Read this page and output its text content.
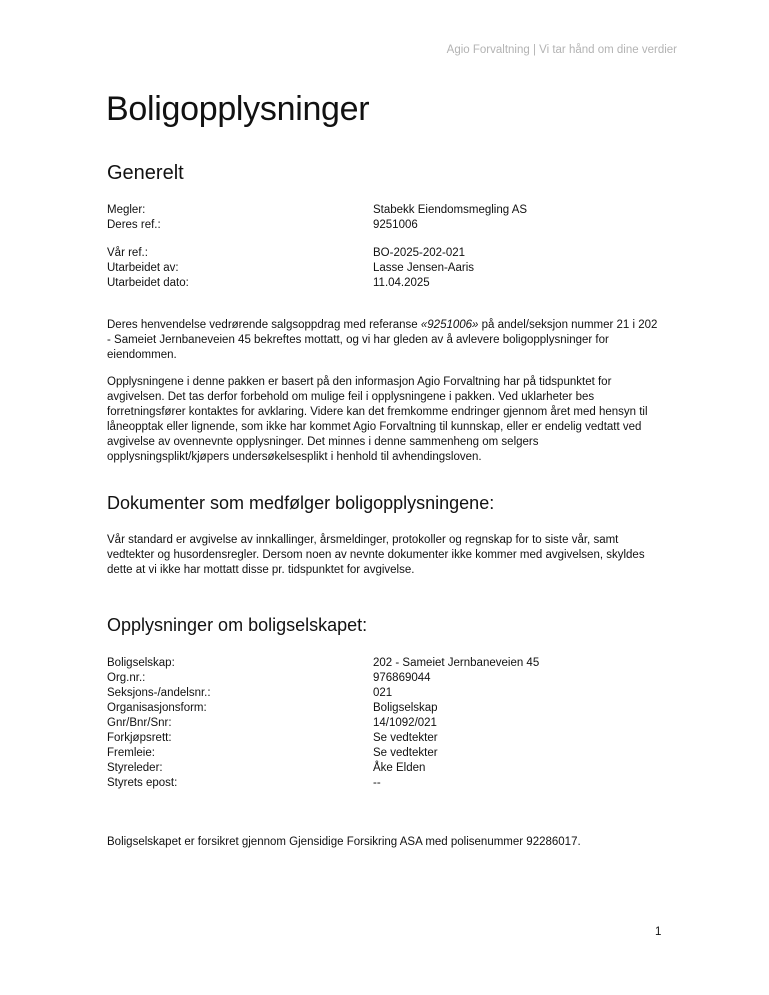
Agio Forvaltning | Vi tar hånd om dine verdier
Boligopplysninger
Generelt
Megler:	Stabekk Eiendomsmegling AS
Deres ref.:	9251006
Vår ref.:	BO-2025-202-021
Utarbeidet av:	Lasse Jensen-Aaris
Utarbeidet dato:	11.04.2025

Deres henvendelse vedrørende salgsoppdrag med referanse «9251006» på andel/seksjon nummer 21 i 202 - Sameiet Jernbaneveien 45 bekreftes mottatt, og vi har gleden av å avlevere boligopplysninger for eiendommen.

Opplysningene i denne pakken er basert på den informasjon Agio Forvaltning har på tidspunktet for avgivelsen. Det tas derfor forbehold om mulige feil i opplysningene i pakken. Ved uklarheter bes forretningsfører kontaktes for avklaring. Videre kan det fremkomme endringer gjennom året med hensyn til låneopptak eller lignende, som ikke har kommet Agio Forvaltning til kunnskap, eller er endelig vedtatt ved avgivelse av ovennevnte opplysninger. Det minnes i denne sammenheng om selgers opplysningsplikt/kjøpers undersøkelsesplikt i henhold til avhendingsloven.

Dokumenter som medfølger boligopplysningene:

Vår standard er avgivelse av innkallinger, årsmeldinger, protokoller og regnskap for to siste vår, samt vedtekter og husordensregler. Dersom noen av nevnte dokumenter ikke kommer med avgivelsen, skyldes dette at vi ikke har mottatt disse pr. tidspunktet for avgivelse.

Opplysninger om boligselskapet:
Boligselskap:	202 - Sameiet Jernbaneveien 45
Org.nr.:	976869044
Seksjons-/andelsnr.:	021
Organisasjonsform:	Boligselskap
Gnr/Bnr/Snr:	14/1092/021
Forkjøpsrett:	Se vedtekter
Fremleie:	Se vedtekter
Styreleder:	Åke Elden
Styrets epost:	--

Boligselskapet er forsikret gjennom Gjensidige Forsikring ASA med polisenummer 92286017.

1
